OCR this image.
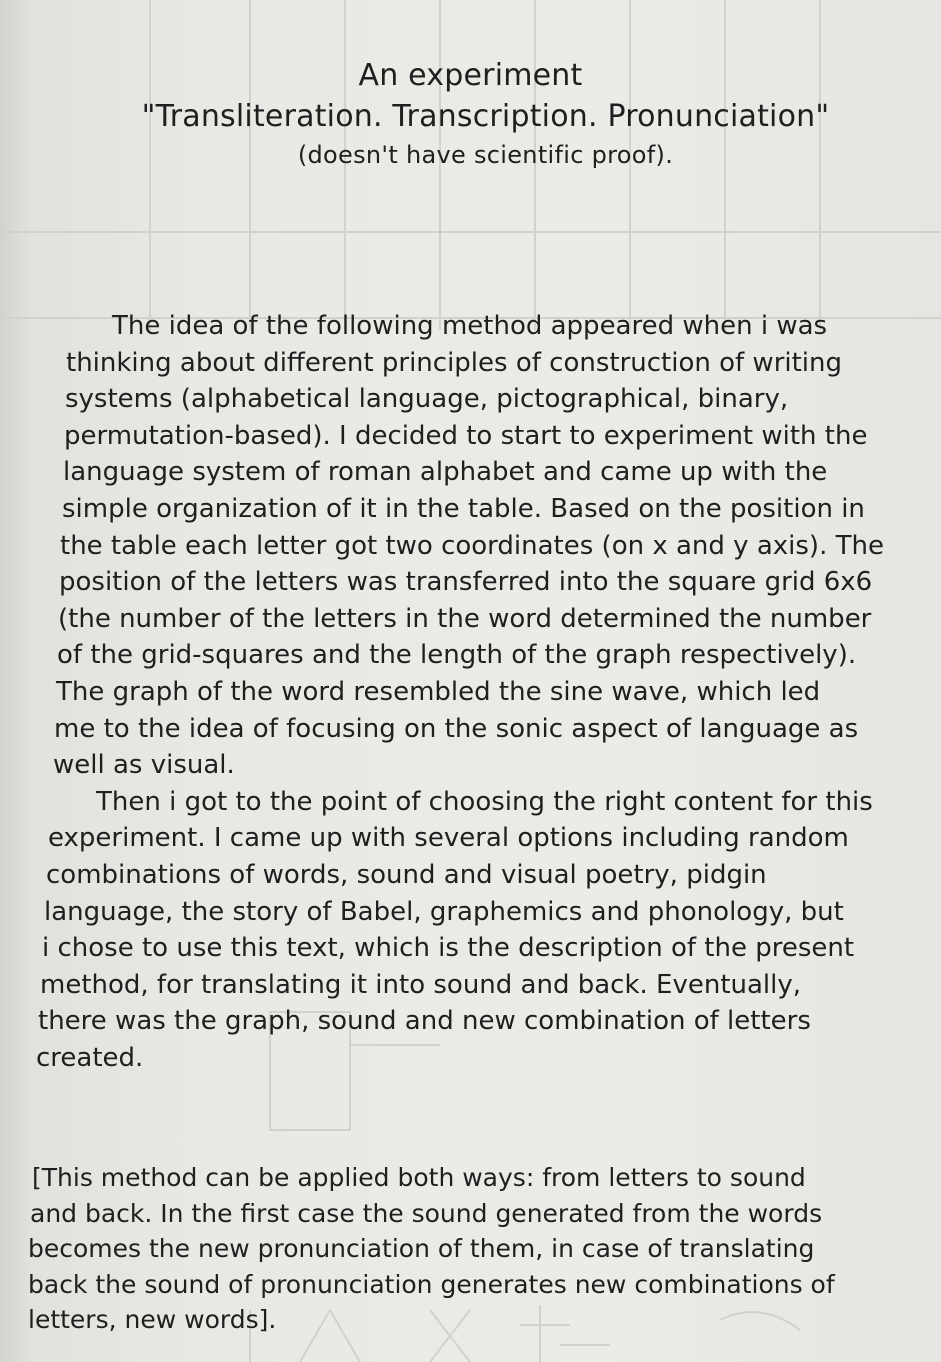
An experiment
"Transliteration. Transcription. Pronunciation"
(doesn't have scientific proof).
The idea of the following method appeared when i was
thinking about different principles of construction of writing
systems (alphabetical language, pictographical, binary,
permutation-based). I decided to start to experiment with the
language system of roman alphabet and came up with the
simple organization of it in the table. Based on the position in
the table each letter got two coordinates (on x and y axis). The
position of the letters was transferred into the square grid 6x6
(the number of the letters in the word determined the number
of the grid-squares and the length of the graph respectively).
The graph of the word resembled the sine wave, which led
me to the idea of focusing on the sonic aspect of language as
well as visual.
Then i got to the point of choosing the right content for this
experiment. I came up with several options including random
combinations of words, sound and visual poetry, pidgin
language, the story of Babel, graphemics and phonology, but
i chose to use this text, which is the description of the present
method, for translating it into sound and back. Eventually,
there was the graph, sound and new combination of letters
created.
[This method can be applied both ways: from letters to sound
and back. In the first case the sound generated from the words
becomes the new pronunciation of them, in case of translating
back the sound of pronunciation generates new combinations of
letters, new words].
